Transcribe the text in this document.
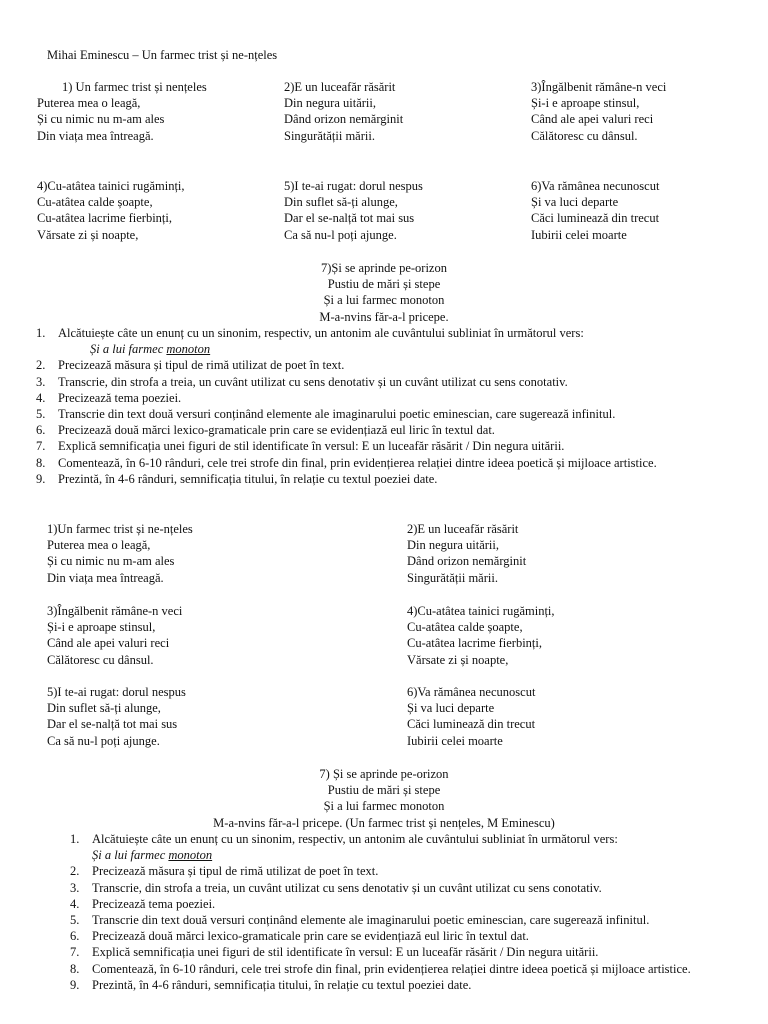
Mihai Eminescu – Un farmec trist și ne-nțeles
1) Un farmec trist și nențeles
Puterea mea o leagă,
Și cu nimic nu m-am ales
Din viața mea întreagă.
2)E un luceafăr răsărit
Din negura uitării,
Dând orizon nemărginit
Singurătății mării.
3)Îngălbenit rămâne-n veci
Și-i e aproape stinsul,
Când ale apei valuri reci
Călătoresc cu dânsul.
4)Cu-atâtea tainici rugăminți,
Cu-atâtea calde șoapte,
Cu-atâtea lacrime fierbinți,
Vărsate zi și noapte,
5)I te-ai rugat: dorul nespus
Din suflet să-ți alunge,
Dar el se-nalță tot mai sus
Ca să nu-l poți ajunge.
6)Va rămânea necunoscut
Și va luci departe
Căci luminează din trecut
Iubirii celei moarte
7)Și se aprinde pe-orizon
Pustiu de mări și stepe
Și a lui farmec monoton
M-a-nvins făr-a-l pricepe.
1. Alcătuiește câte un enunț cu un sinonim, respectiv, un antonim ale cuvântului subliniat în următorul vers:
Și a lui farmec monoton
2. Precizează măsura și tipul de rimă utilizat de poet în text.
3. Transcrie, din strofa a treia, un cuvânt utilizat cu sens denotativ și un cuvânt utilizat cu sens conotativ.
4. Precizează tema poeziei.
5. Transcrie din text două versuri conținând elemente ale imaginarului poetic eminescian, care sugerează infinitul.
6. Precizează două mărci lexico-gramaticale prin care se evidențiază eul liric în textul dat.
7. Explică semnificația unei figuri de stil identificate în versul: E un luceafăr răsărit / Din negura uitării.
8. Comentează, în 6-10 rânduri, cele trei strofe din final, prin evidențierea relației dintre ideea poetică și mijloace artistice.
9. Prezintă, în 4-6 rânduri, semnificația titului, în relație cu textul poeziei date.
1)Un farmec trist și ne-nțeles
Puterea mea o leagă,
Și cu nimic nu m-am ales
Din viața mea întreagă.
2)E un luceafăr răsărit
Din negura uitării,
Dând orizon nemărginit
Singurătății mării.
3)Îngălbenit rămâne-n veci
Și-i e aproape stinsul,
Când ale apei valuri reci
Călătoresc cu dânsul.
4)Cu-atâtea tainici rugăminți,
Cu-atâtea calde șoapte,
Cu-atâtea lacrime fierbinți,
Vărsate zi și noapte,
5)I te-ai rugat: dorul nespus
Din suflet să-ți alunge,
Dar el se-nalță tot mai sus
Ca să nu-l poți ajunge.
6)Va rămânea necunoscut
Și va luci departe
Căci luminează din trecut
Iubirii celei moarte
7) Și se aprinde pe-orizon
Pustiu de mări și stepe
Și a lui farmec monoton
M-a-nvins făr-a-l pricepe. (Un farmec trist și nențeles, M Eminescu)
1. Alcătuiește câte un enunț cu un sinonim, respectiv, un antonim ale cuvântului subliniat în următorul vers:
Și a lui farmec monoton
2. Precizează măsura și tipul de rimă utilizat de poet în text.
3. Transcrie, din strofa a treia, un cuvânt utilizat cu sens denotativ și un cuvânt utilizat cu sens conotativ.
4. Precizează tema poeziei.
5. Transcrie din text două versuri conținând elemente ale imaginarului poetic eminescian, care sugerează infinitul.
6. Precizează două mărci lexico-gramaticale prin care se evidențiază eul liric în textul dat.
7. Explică semnificația unei figuri de stil identificate în versul: E un luceafăr răsărit / Din negura uitării.
8. Comentează, în 6-10 rânduri, cele trei strofe din final, prin evidențierea relației dintre ideea poetică și mijloace artistice.
9. Prezintă, în 4-6 rânduri, semnificația titului, în relație cu textul poeziei date.
